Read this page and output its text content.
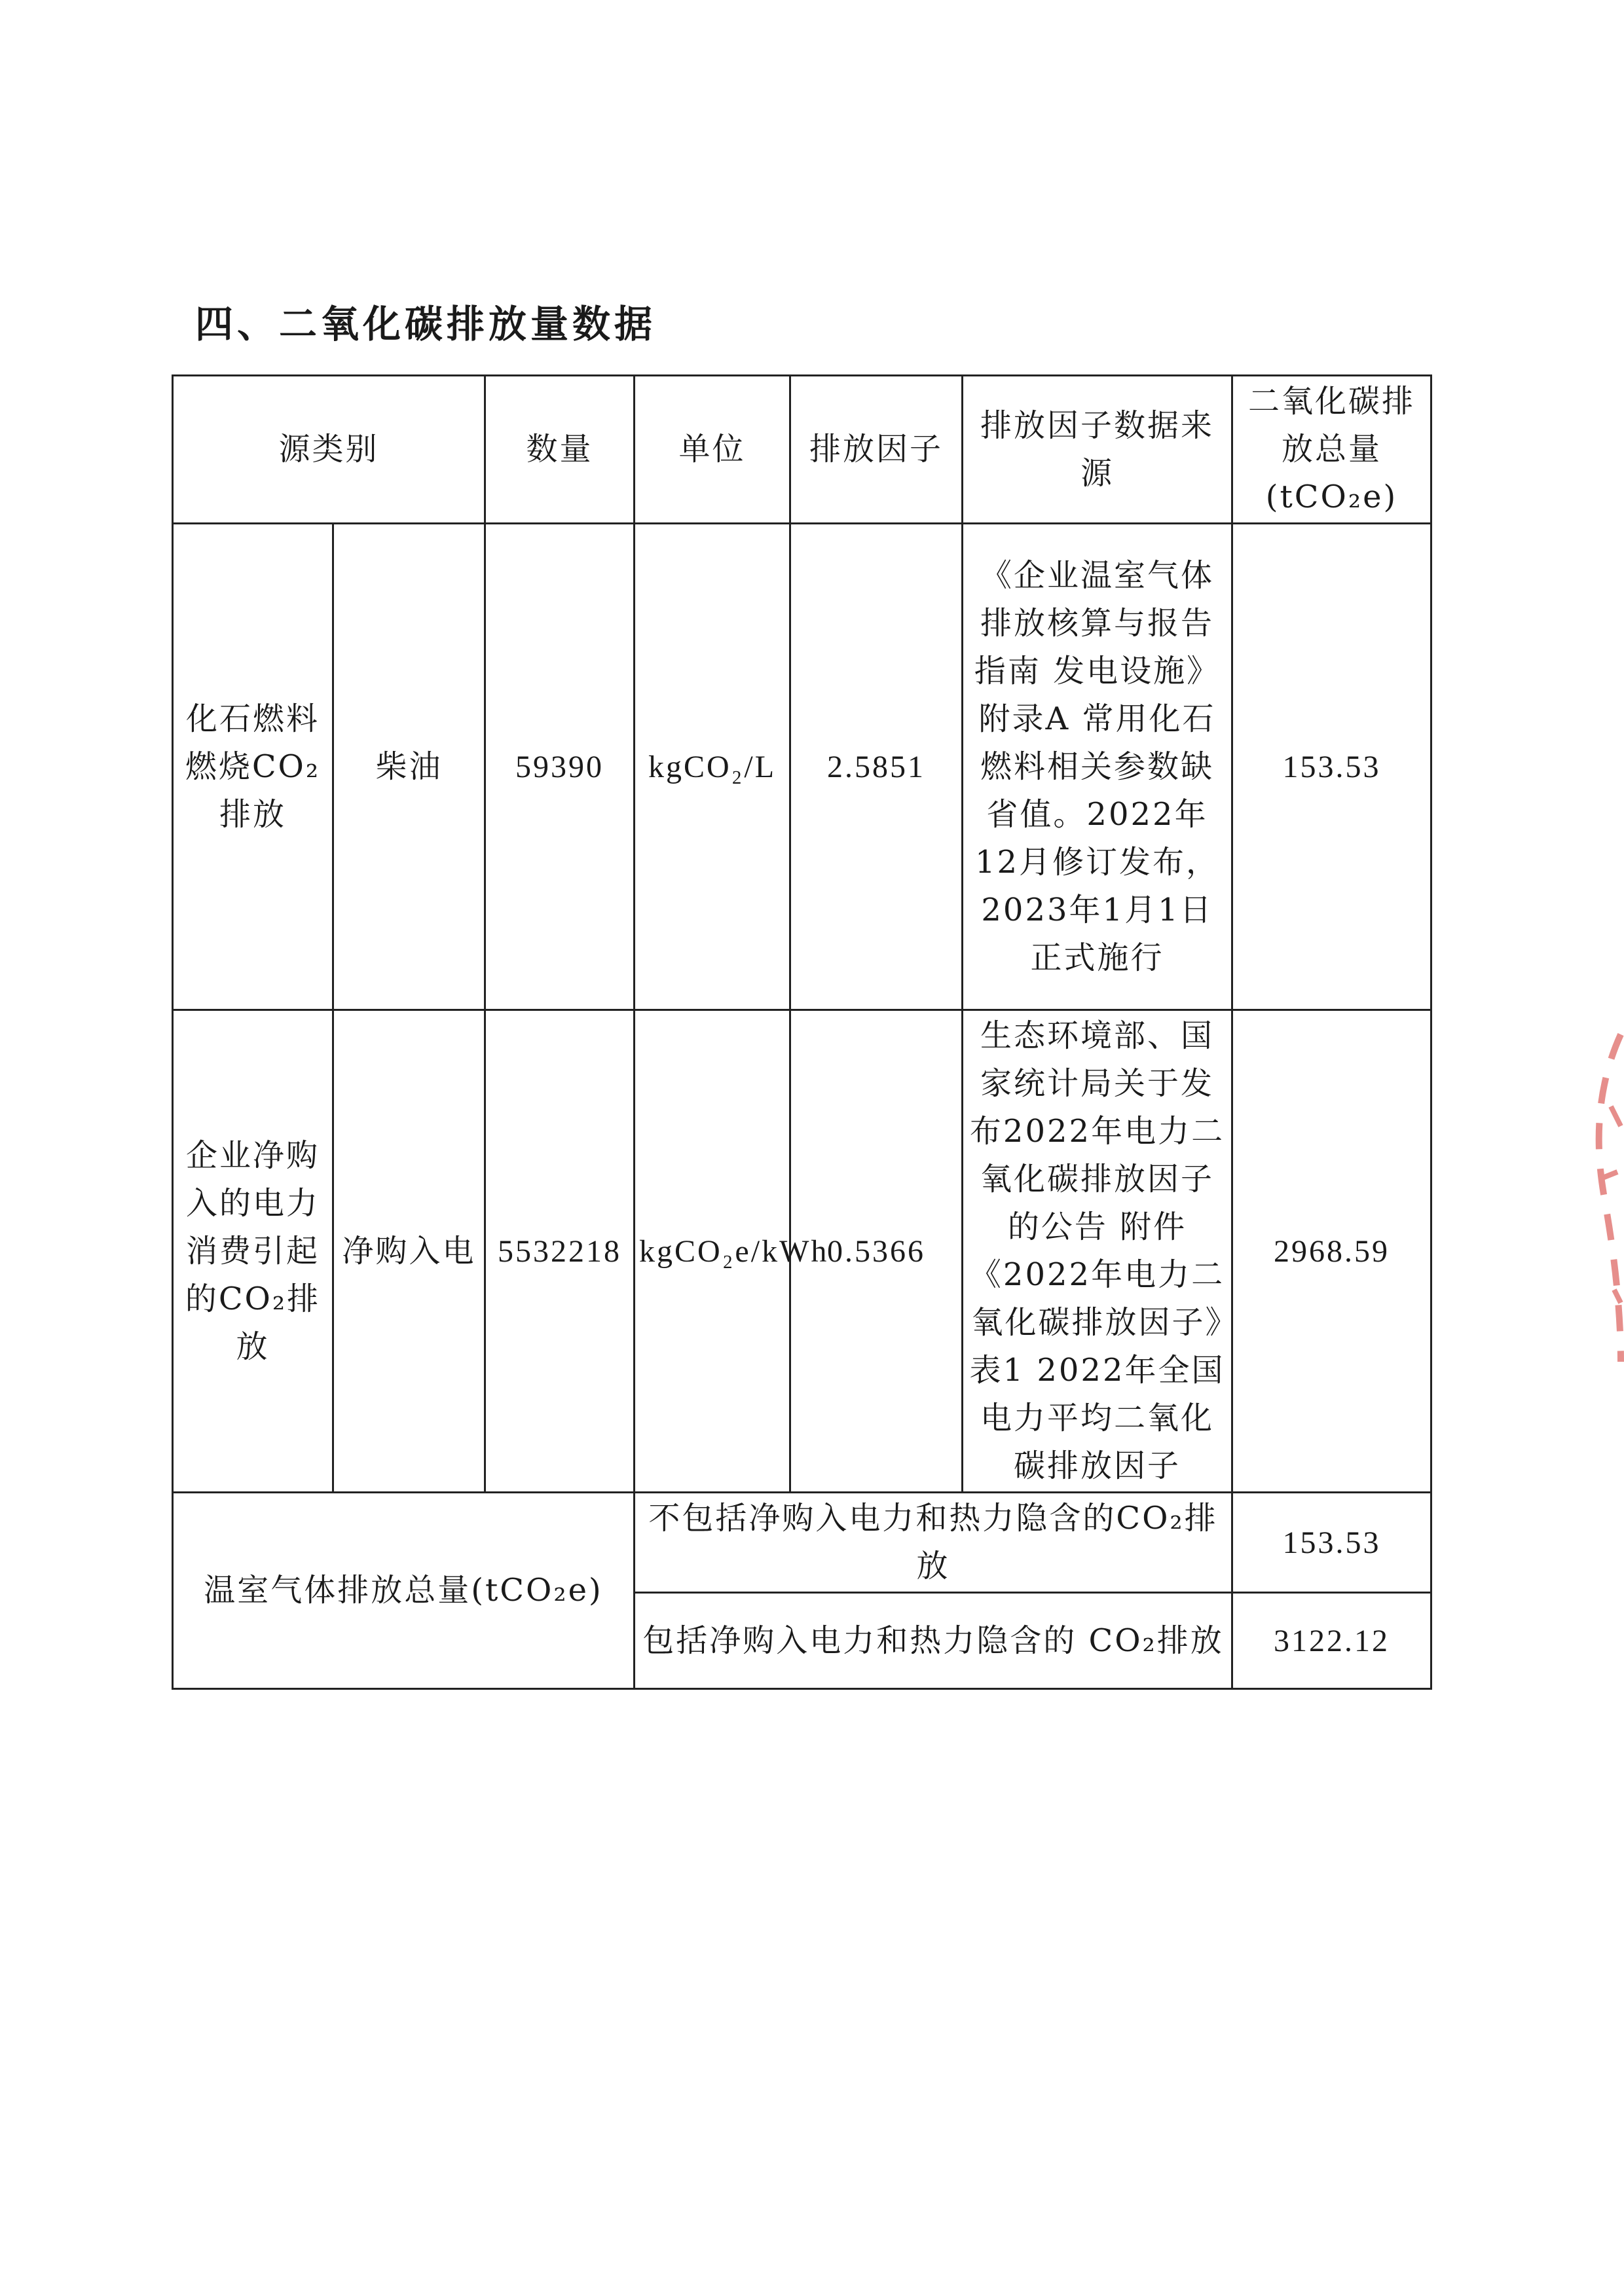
四、二氧化碳排放量数据
源类别		数量	单位	排放因子	排放因子数据来源	二氧化碳排放总量(tCO₂e)
化石燃料燃烧CO₂排放	柴油	59390	kgCO₂/L	2.5851	《企业温室气体排放核算与报告指南 发电设施》附录A 常用化石燃料相关参数缺省值。2022年12月修订发布，2023年1月1日正式施行	153.53
企业净购入的电力消费引起的CO₂排放	净购入电	5532218	kgCO₂e/kWh	0.5366	生态环境部、国家统计局关于发布2022年电力二氧化碳排放因子的公告 附件《2022年电力二氧化碳排放因子》表1 2022年全国电力平均二氧化碳排放因子	2968.59
温室气体排放总量(tCO₂e)			不包括净购入电力和热力隐含的CO₂排放			153.53
			包括净购入电力和热力隐含的 CO₂排放			3122.12
